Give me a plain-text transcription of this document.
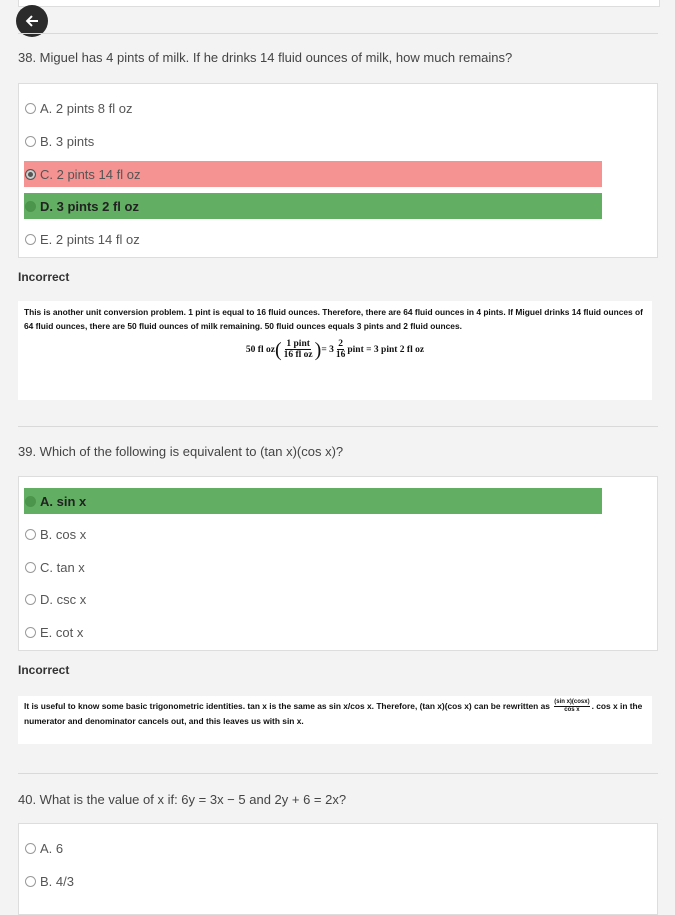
38. Miguel has 4 pints of milk. If he drinks 14 fluid ounces of milk, how much remains?
A. 2 pints 8 fl oz
B. 3 pints
C. 2 pints 14 fl oz
D. 3 pints 2 fl oz
E. 2 pints 14 fl oz
Incorrect
This is another unit conversion problem. 1 pint is equal to 16 fluid ounces. Therefore, there are 64 fluid ounces in 4 pints. If Miguel drinks 14 fluid ounces of 64 fluid ounces, there are 50 fluid ounces of milk remaining. 50 fluid ounces equals 3 pints and 2 fluid ounces.
50 fl oz ( $\frac{\text{1 pint}}{\text{16 fl oz}}$ ) = $3 \frac{2}{16}$ pint = 3 pint 2 fl oz
39. Which of the following is equivalent to (tan x)(cos x)?
A. sin x
B. cos x
C. tan x
D. csc x
E. cot x
Incorrect
It is useful to know some basic trigonometric identities. tan x is the same as sin x/cos x. Therefore, (tan x)(cos x) can be rewritten as $\frac{\text{(sin x)(cosx)}}{\text{cos x}}$ . cos x in the numerator and denominator cancels out, and this leaves us with sin x.
40. What is the value of x if: 6y = 3x − 5 and 2y + 6 = 2x?
A. 6
B. 4/3
